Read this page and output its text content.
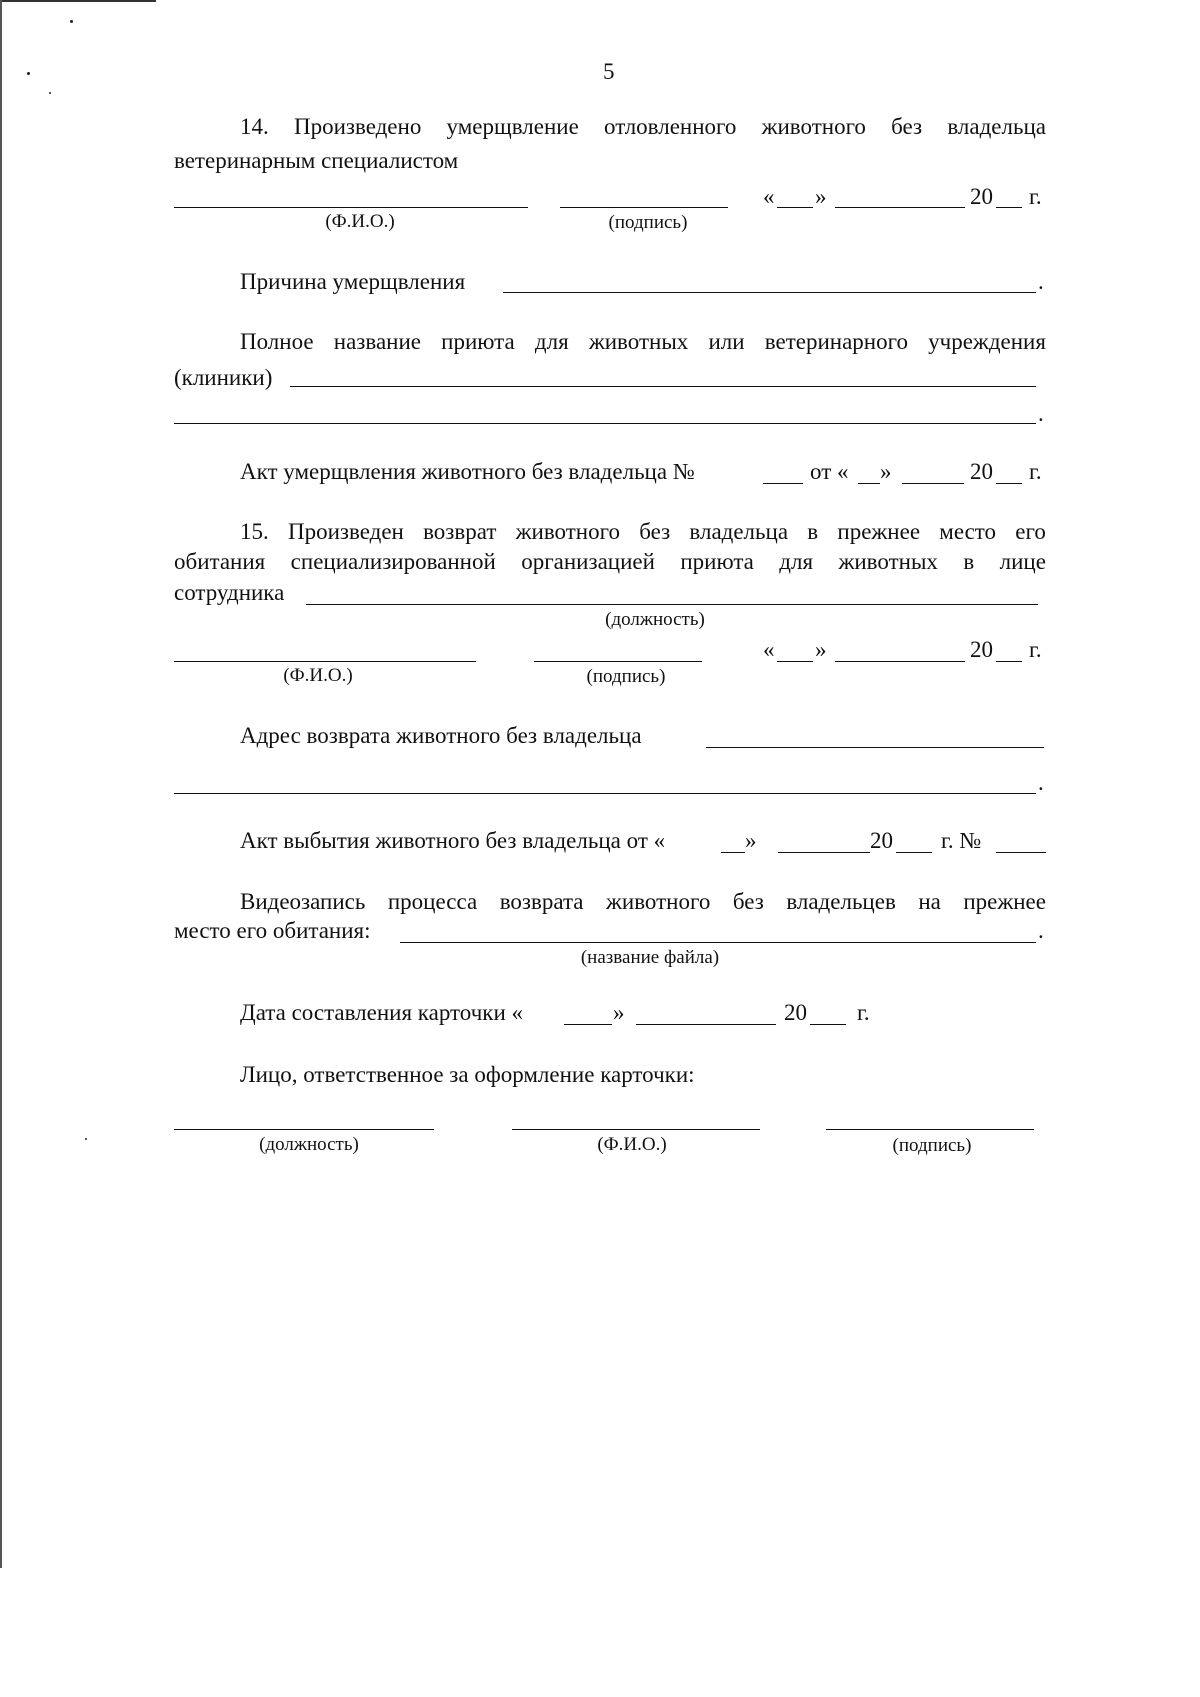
5
14. Произведено умерщвление отловленного животного без владельца
ветеринарным специалистом
« »	20 г.
(Ф.И.О.)	(подпись)
Причина умерщвления	.
Полное название приюта для животных или ветеринарного учреждения
(клиники)
.
Акт умерщвления животного без владельца №	от « »	20 г.
15. Произведен возврат животного без владельца в прежнее место его
обитания специализированной организацией приюта для животных в лице
сотрудника
(должность)
« »	20 г.
(Ф.И.О.)	(подпись)
Адрес возврата животного без владельца
.
Акт выбытия животного без владельца от «	»	20 г. №
Видеозапись процесса возврата животного без владельцев на прежнее
место его обитания:	.
(название файла)
Дата составления карточки «	»	20 г.
Лицо, ответственное за оформление карточки:
(должность)	(Ф.И.О.)	(подпись)
